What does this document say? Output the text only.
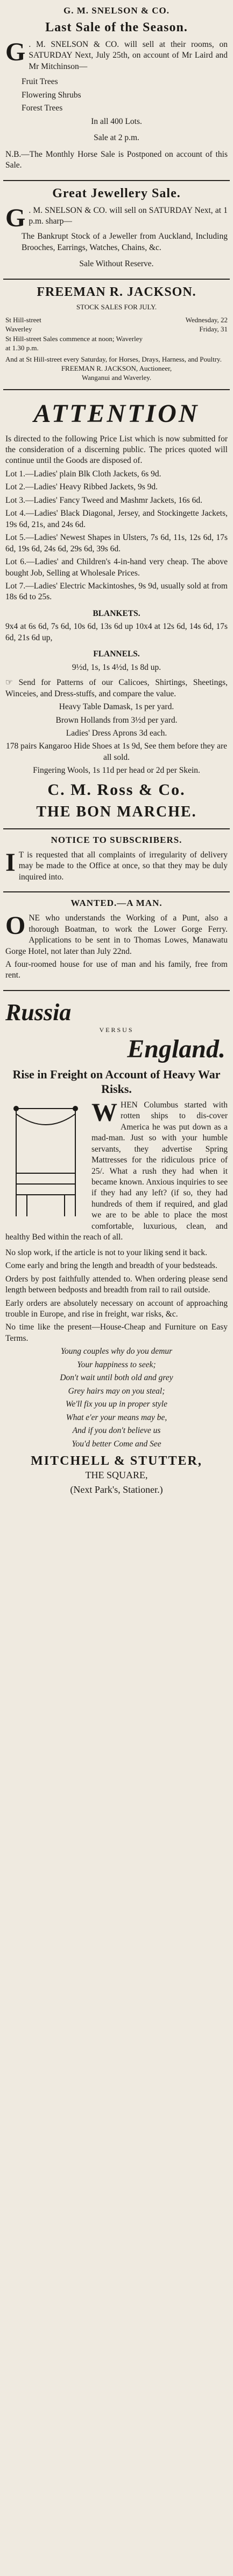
G. M. SNELSON & CO.
Last Sale of the Season.
G . M. SNELSON & CO. will sell at their rooms, on SATURDAY Next, July 25th, on account of Mr Laird and Mr Mitchinson—
Fruit Trees
Flowering Shrubs
Forest Trees
In all 400 Lots.
Sale at 2 p.m.
N.B.—The Monthly Horse Sale is Postponed on account of this Sale.
Great Jewellery Sale.
G . M. SNELSON & CO. will sell on SATURDAY Next, at 1 p.m. sharp—
The Bankrupt Stock of a Jeweller from Auckland, Including Brooches, Earrings, Watches, Chains, &c.
Sale Without Reserve.
FREEMAN R. JACKSON.
STOCK SALES FOR JULY.
St Hill-street	Wednesday, 22
Waverley	Friday, 31
St Hill-street Sales commence at noon; Waverley
at 1.30 p.m.
And at St Hill-street every Saturday, for Horses, Drays, Harness, and Poultry.
FREEMAN R. JACKSON, Auctioneer,
Wanganui and Waverley.
ATTENTION
Is directed to the following Price List which is now submitted for the consideration of a discerning public. The prices quoted will continue until the Goods are disposed of.
Lot 1.—Ladies' plain Blk Cloth Jackets, 6s 9d.
Lot 2.—Ladies' Heavy Ribbed Jackets, 9s 9d.
Lot 3.—Ladies' Fancy Tweed and Mashmr Jackets, 16s 6d.
Lot 4.—Ladies' Black Diagonal, Jersey, and Stockingette Jackets, 19s 6d, 21s, and 24s 6d.
Lot 5.—Ladies' Newest Shapes in Ulsters, 7s 6d, 11s, 12s 6d, 17s 6d, 19s 6d, 24s 6d, 29s 6d, 39s 6d.
Lot 6.—Ladies' and Children's 4-in-hand very cheap. The above bought Job, Selling at Wholesale Prices.
Lot 7.—Ladies' Electric Mackintoshes, 9s 9d, usually sold at from 18s 6d to 25s.
BLANKETS.
9x4 at 6s 6d, 7s 6d, 10s 6d, 13s 6d up 10x4 at 12s 6d, 14s 6d, 17s 6d, 21s 6d up,
FLANNELS.
9½d, 1s, 1s 4½d, 1s 8d up.
☞ Send for Patterns of our Calicoes, Shirtings, Sheetings, Winceies, and Dress-stuffs, and compare the value.
Heavy Table Damask, 1s per yard.
Brown Hollands from 3½d per yard.
Ladies' Dress Aprons 3d each.
178 pairs Kangaroo Hide Shoes at 1s 9d, See them before they are all sold.
Fingering Wools, 1s 11d per head or 2d per Skein.
C. M. Ross & Co.
THE BON MARCHE.
NOTICE TO SUBSCRIBERS.
I T is requested that all complaints of irregularity of delivery may be made to the Office at once, so that they may be duly inquired into.
WANTED.—A MAN.
O NE who understands the Working of a Punt, also a thorough Boatman, to work the Lower Gorge Ferry. Applications to be sent in to Thomas Lowes, Manawatu Gorge Hotel, not later than July 22nd.
A four-roomed house for use of man and his family, free from rent.
Russia
VERSUS
England.
Rise in Freight on Account of Heavy War Risks.
W HEN Columbus started with rotten ships to dis-cover America he was put down as a mad-man. Just so with your humble servants, they advertise Spring Mattresses for the ridiculous price of 25/. What a rush they had when it became known. Anxious inquiries to see if they had any left? (if so, they had hundreds of them if required, and glad we are to be able to place the most comfortable, luxurious, clean, and healthy Bed within the reach of all.
No slop work, if the article is not to your liking send it back.
Come early and bring the length and breadth of your bedsteads.
Orders by post faithfully attended to. When ordering please send length between bedposts and breadth from rail to rail outside.
Early orders are absolutely necessary on account of approaching trouble in Europe, and rise in freight, war risks, &c.
No time like the present—House-Cheap and Furniture on Easy Terms.
Young couples why do you demur
Your happiness to seek;
Don't wait until both old and grey
Grey hairs may on you steal;
We'll fix you up in proper style
What e'er your means may be,
And if you don't believe us
You'd better Come and See
MITCHELL & STUTTER,
THE SQUARE,
(Next Park's, Stationer.)
